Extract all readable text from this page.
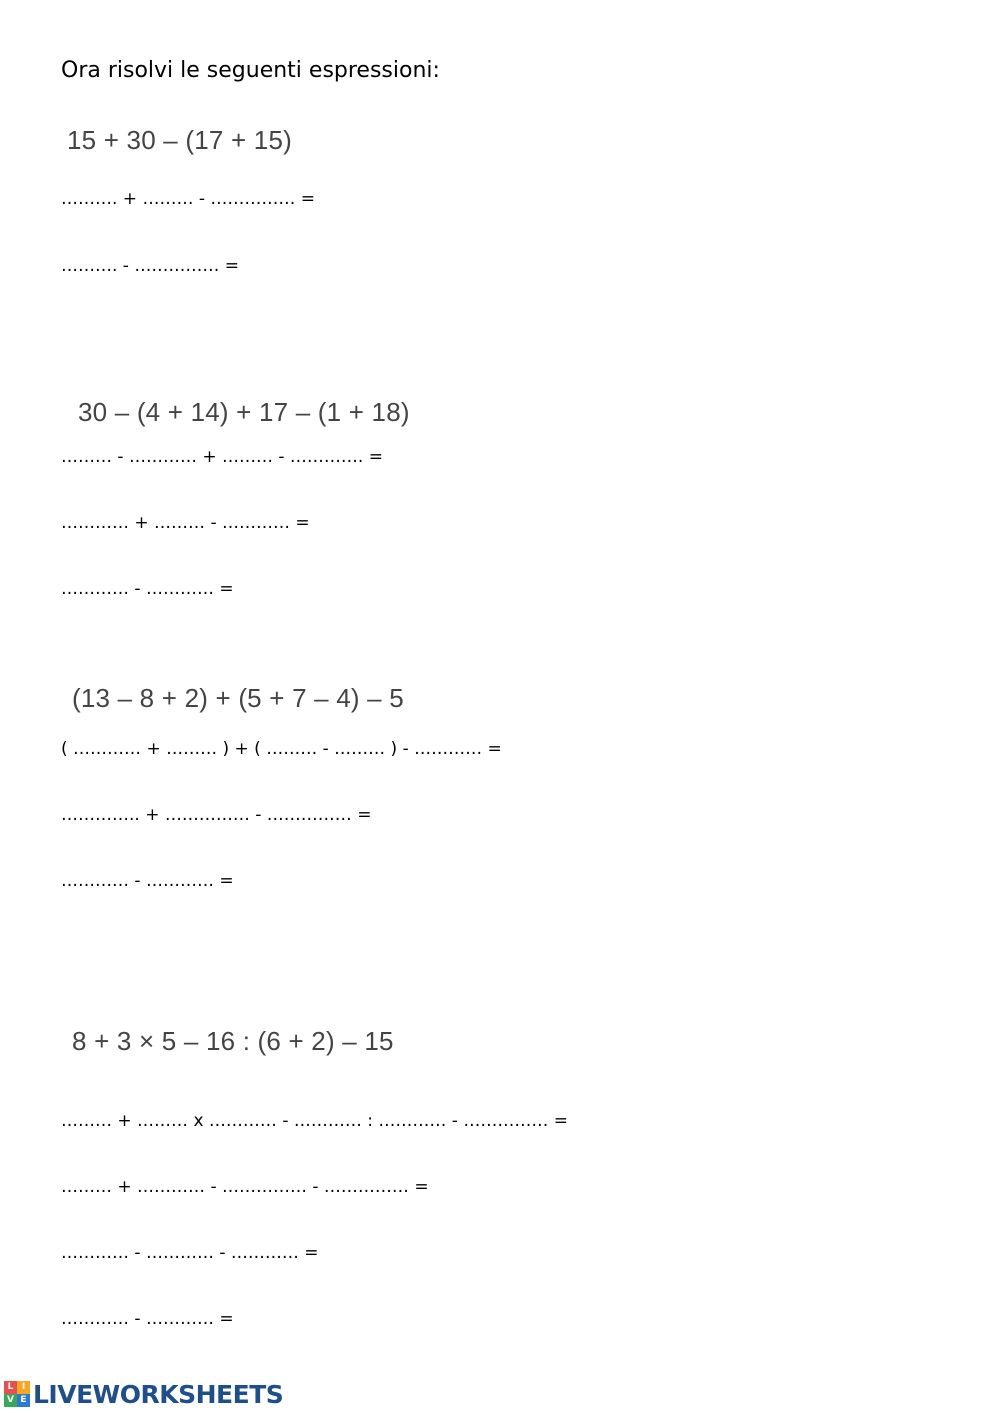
Ora risolvi le seguenti espressioni:
15 + 30 – (17 + 15)
………. + ……… - …………… =
………. - …………… =
30 – (4 + 14) + 17 – (1 + 18)
……… - ………… + ……… - …………. =
………… + ……… - ………… =
………… - ………… =
(13 – 8 + 2) + (5 + 7 – 4) – 5
( ………… + ……… ) + ( ……… - ……… ) - ………… =
………….. + …………… - …………… =
………… - ………… =
8 + 3 × 5 – 16 : (6 + 2) – 15
……… + ……… x ………… - ………… : ………… - …………… =
……… + ………… - …………… - …………… =
………… - ………… - ………… =
………… - ………… =
L I
V E LIVEWORKSHEETS
